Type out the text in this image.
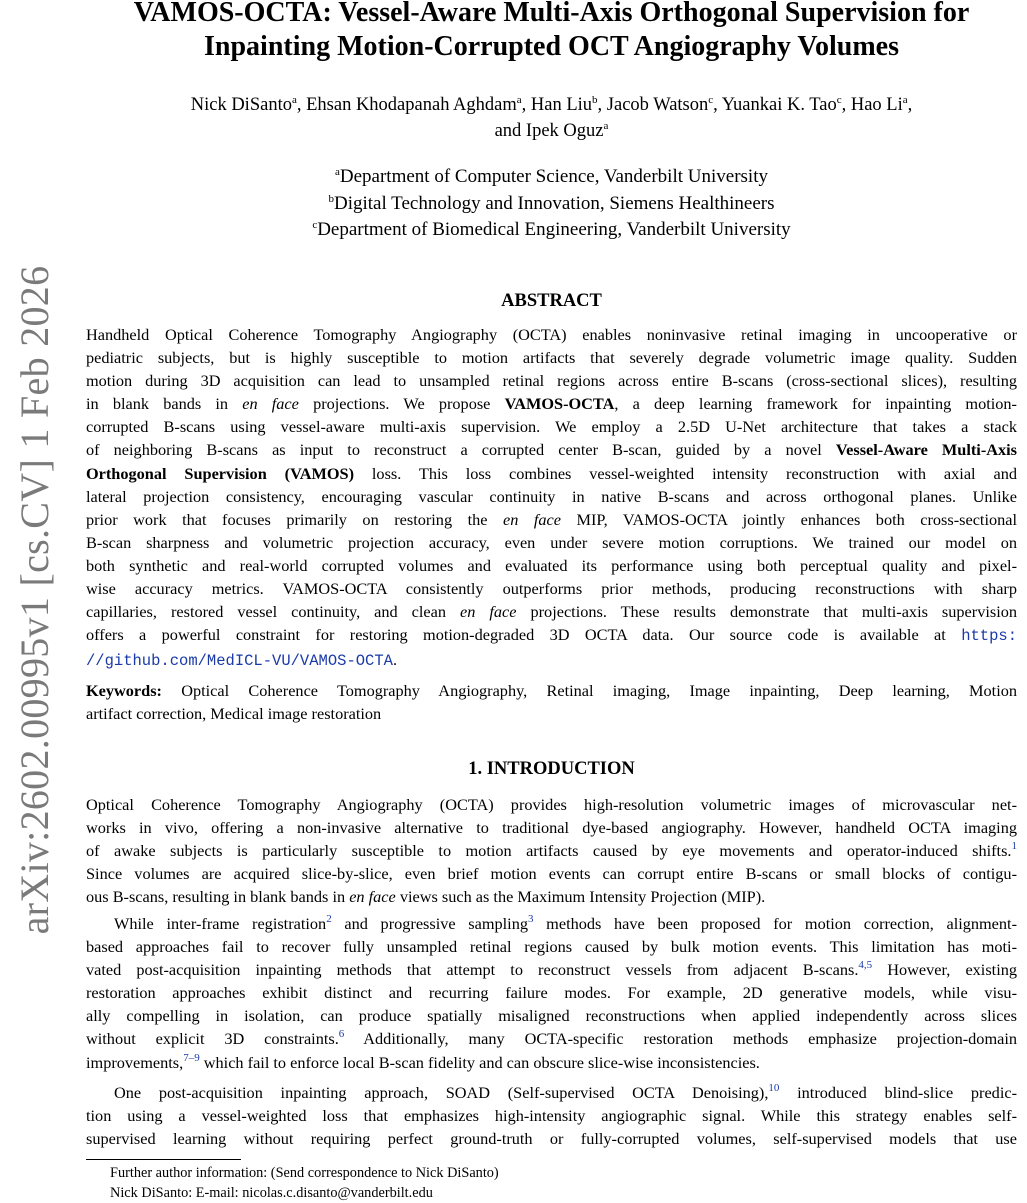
arXiv:2602.00995v1 [cs.CV] 1 Feb 2026
VAMOS-OCTA: Vessel-Aware Multi-Axis Orthogonal Supervision for
Inpainting Motion-Corrupted OCT Angiography Volumes
Nick DiSanto$^a$, Ehsan Khodapanah Aghdam$^a$, Han Liu$^b$, Jacob Watson$^c$, Yuankai K. Tao$^c$, Hao Li$^a$,
and Ipek Oguz$^a$
$^a$Department of Computer Science, Vanderbilt University
$^b$Digital Technology and Innovation, Siemens Healthineers
$^c$Department of Biomedical Engineering, Vanderbilt University
ABSTRACT
Handheld Optical Coherence Tomography Angiography (OCTA) enables noninvasive retinal imaging in uncooperative or
pediatric subjects, but is highly susceptible to motion artifacts that severely degrade volumetric image quality. Sudden
motion during 3D acquisition can lead to unsampled retinal regions across entire B-scans (cross-sectional slices), resulting
in blank bands in en face projections. We propose VAMOS-OCTA, a deep learning framework for inpainting motion-
corrupted B-scans using vessel-aware multi-axis supervision. We employ a 2.5D U-Net architecture that takes a stack
of neighboring B-scans as input to reconstruct a corrupted center B-scan, guided by a novel Vessel-Aware Multi-Axis
Orthogonal Supervision (VAMOS) loss. This loss combines vessel-weighted intensity reconstruction with axial and
lateral projection consistency, encouraging vascular continuity in native B-scans and across orthogonal planes. Unlike
prior work that focuses primarily on restoring the en face MIP, VAMOS-OCTA jointly enhances both cross-sectional
B-scan sharpness and volumetric projection accuracy, even under severe motion corruptions. We trained our model on
both synthetic and real-world corrupted volumes and evaluated its performance using both perceptual quality and pixel-
wise accuracy metrics. VAMOS-OCTA consistently outperforms prior methods, producing reconstructions with sharp
capillaries, restored vessel continuity, and clean en face projections. These results demonstrate that multi-axis supervision
offers a powerful constraint for restoring motion-degraded 3D OCTA data. Our source code is available at https:
//github.com/MedICL-VU/VAMOS-OCTA.
Keywords: Optical Coherence Tomography Angiography, Retinal imaging, Image inpainting, Deep learning, Motion
artifact correction, Medical image restoration
1. INTRODUCTION
Optical Coherence Tomography Angiography (OCTA) provides high-resolution volumetric images of microvascular net-
works in vivo, offering a non-invasive alternative to traditional dye-based angiography. However, handheld OCTA imaging
of awake subjects is particularly susceptible to motion artifacts caused by eye movements and operator-induced shifts.$^1$
Since volumes are acquired slice-by-slice, even brief motion events can corrupt entire B-scans or small blocks of contigu-
ous B-scans, resulting in blank bands in en face views such as the Maximum Intensity Projection (MIP).
While inter-frame registration$^2$ and progressive sampling$^3$ methods have been proposed for motion correction, alignment-
based approaches fail to recover fully unsampled retinal regions caused by bulk motion events. This limitation has moti-
vated post-acquisition inpainting methods that attempt to reconstruct vessels from adjacent B-scans.$^{4,5}$ However, existing
restoration approaches exhibit distinct and recurring failure modes. For example, 2D generative models, while visu-
ally compelling in isolation, can produce spatially misaligned reconstructions when applied independently across slices
without explicit 3D constraints.$^6$ Additionally, many OCTA-specific restoration methods emphasize projection-domain
improvements,$^{7-9}$ which fail to enforce local B-scan fidelity and can obscure slice-wise inconsistencies.
One post-acquisition inpainting approach, SOAD (Self-supervised OCTA Denoising),$^{10}$ introduced blind-slice predic-
tion using a vessel-weighted loss that emphasizes high-intensity angiographic signal. While this strategy enables self-
supervised learning without requiring perfect ground-truth or fully-corrupted volumes, self-supervised models that use
Further author information: (Send correspondence to Nick DiSanto)
Nick DiSanto: E-mail: nicolas.c.disanto@vanderbilt.edu
